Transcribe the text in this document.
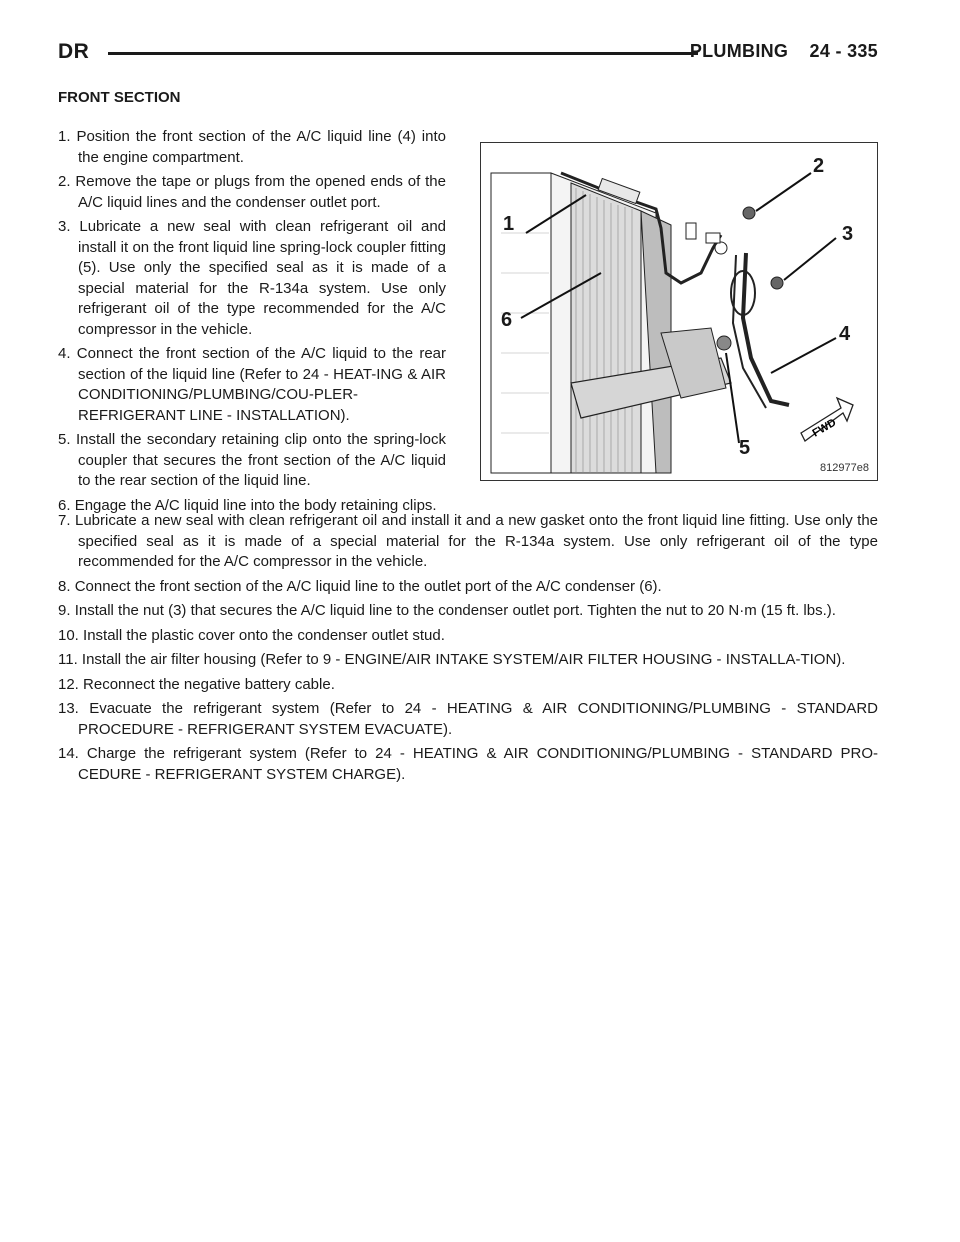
DR	PLUMBING 24 - 335
FRONT SECTION
1. Position the front section of the A/C liquid line (4) into the engine compartment.
2. Remove the tape or plugs from the opened ends of the A/C liquid lines and the condenser outlet port.
3. Lubricate a new seal with clean refrigerant oil and install it on the front liquid line spring-lock coupler fitting (5). Use only the specified seal as it is made of a special material for the R-134a system. Use only refrigerant oil of the type recommended for the A/C compressor in the vehicle.
4. Connect the front section of the A/C liquid to the rear section of the liquid line (Refer to 24 - HEAT-ING & AIR CONDITIONING/PLUMBING/COU-PLER-REFRIGERANT LINE - INSTALLATION).
5. Install the secondary retaining clip onto the spring-lock coupler that secures the front section of the A/C liquid to the rear section of the liquid line.
6. Engage the A/C liquid line into the body retaining clips.
7. Lubricate a new seal with clean refrigerant oil and install it and a new gasket onto the front liquid line fitting. Use only the specified seal as it is made of a special material for the R-134a system. Use only refrigerant oil of the type recommended for the A/C compressor in the vehicle.
8. Connect the front section of the A/C liquid line to the outlet port of the A/C condenser (6).
9. Install the nut (3) that secures the A/C liquid line to the condenser outlet port. Tighten the nut to 20 N·m (15 ft. lbs.).
10. Install the plastic cover onto the condenser outlet stud.
11. Install the air filter housing (Refer to 9 - ENGINE/AIR INTAKE SYSTEM/AIR FILTER HOUSING - INSTALLA-TION).
12. Reconnect the negative battery cable.
13. Evacuate the refrigerant system (Refer to 24 - HEATING & AIR CONDITIONING/PLUMBING - STANDARD PROCEDURE - REFRIGERANT SYSTEM EVACUATE).
14. Charge the refrigerant system (Refer to 24 - HEATING & AIR CONDITIONING/PLUMBING - STANDARD PRO-CEDURE - REFRIGERANT SYSTEM CHARGE).
FWD
1
2
3
4
5
6
812977e8
